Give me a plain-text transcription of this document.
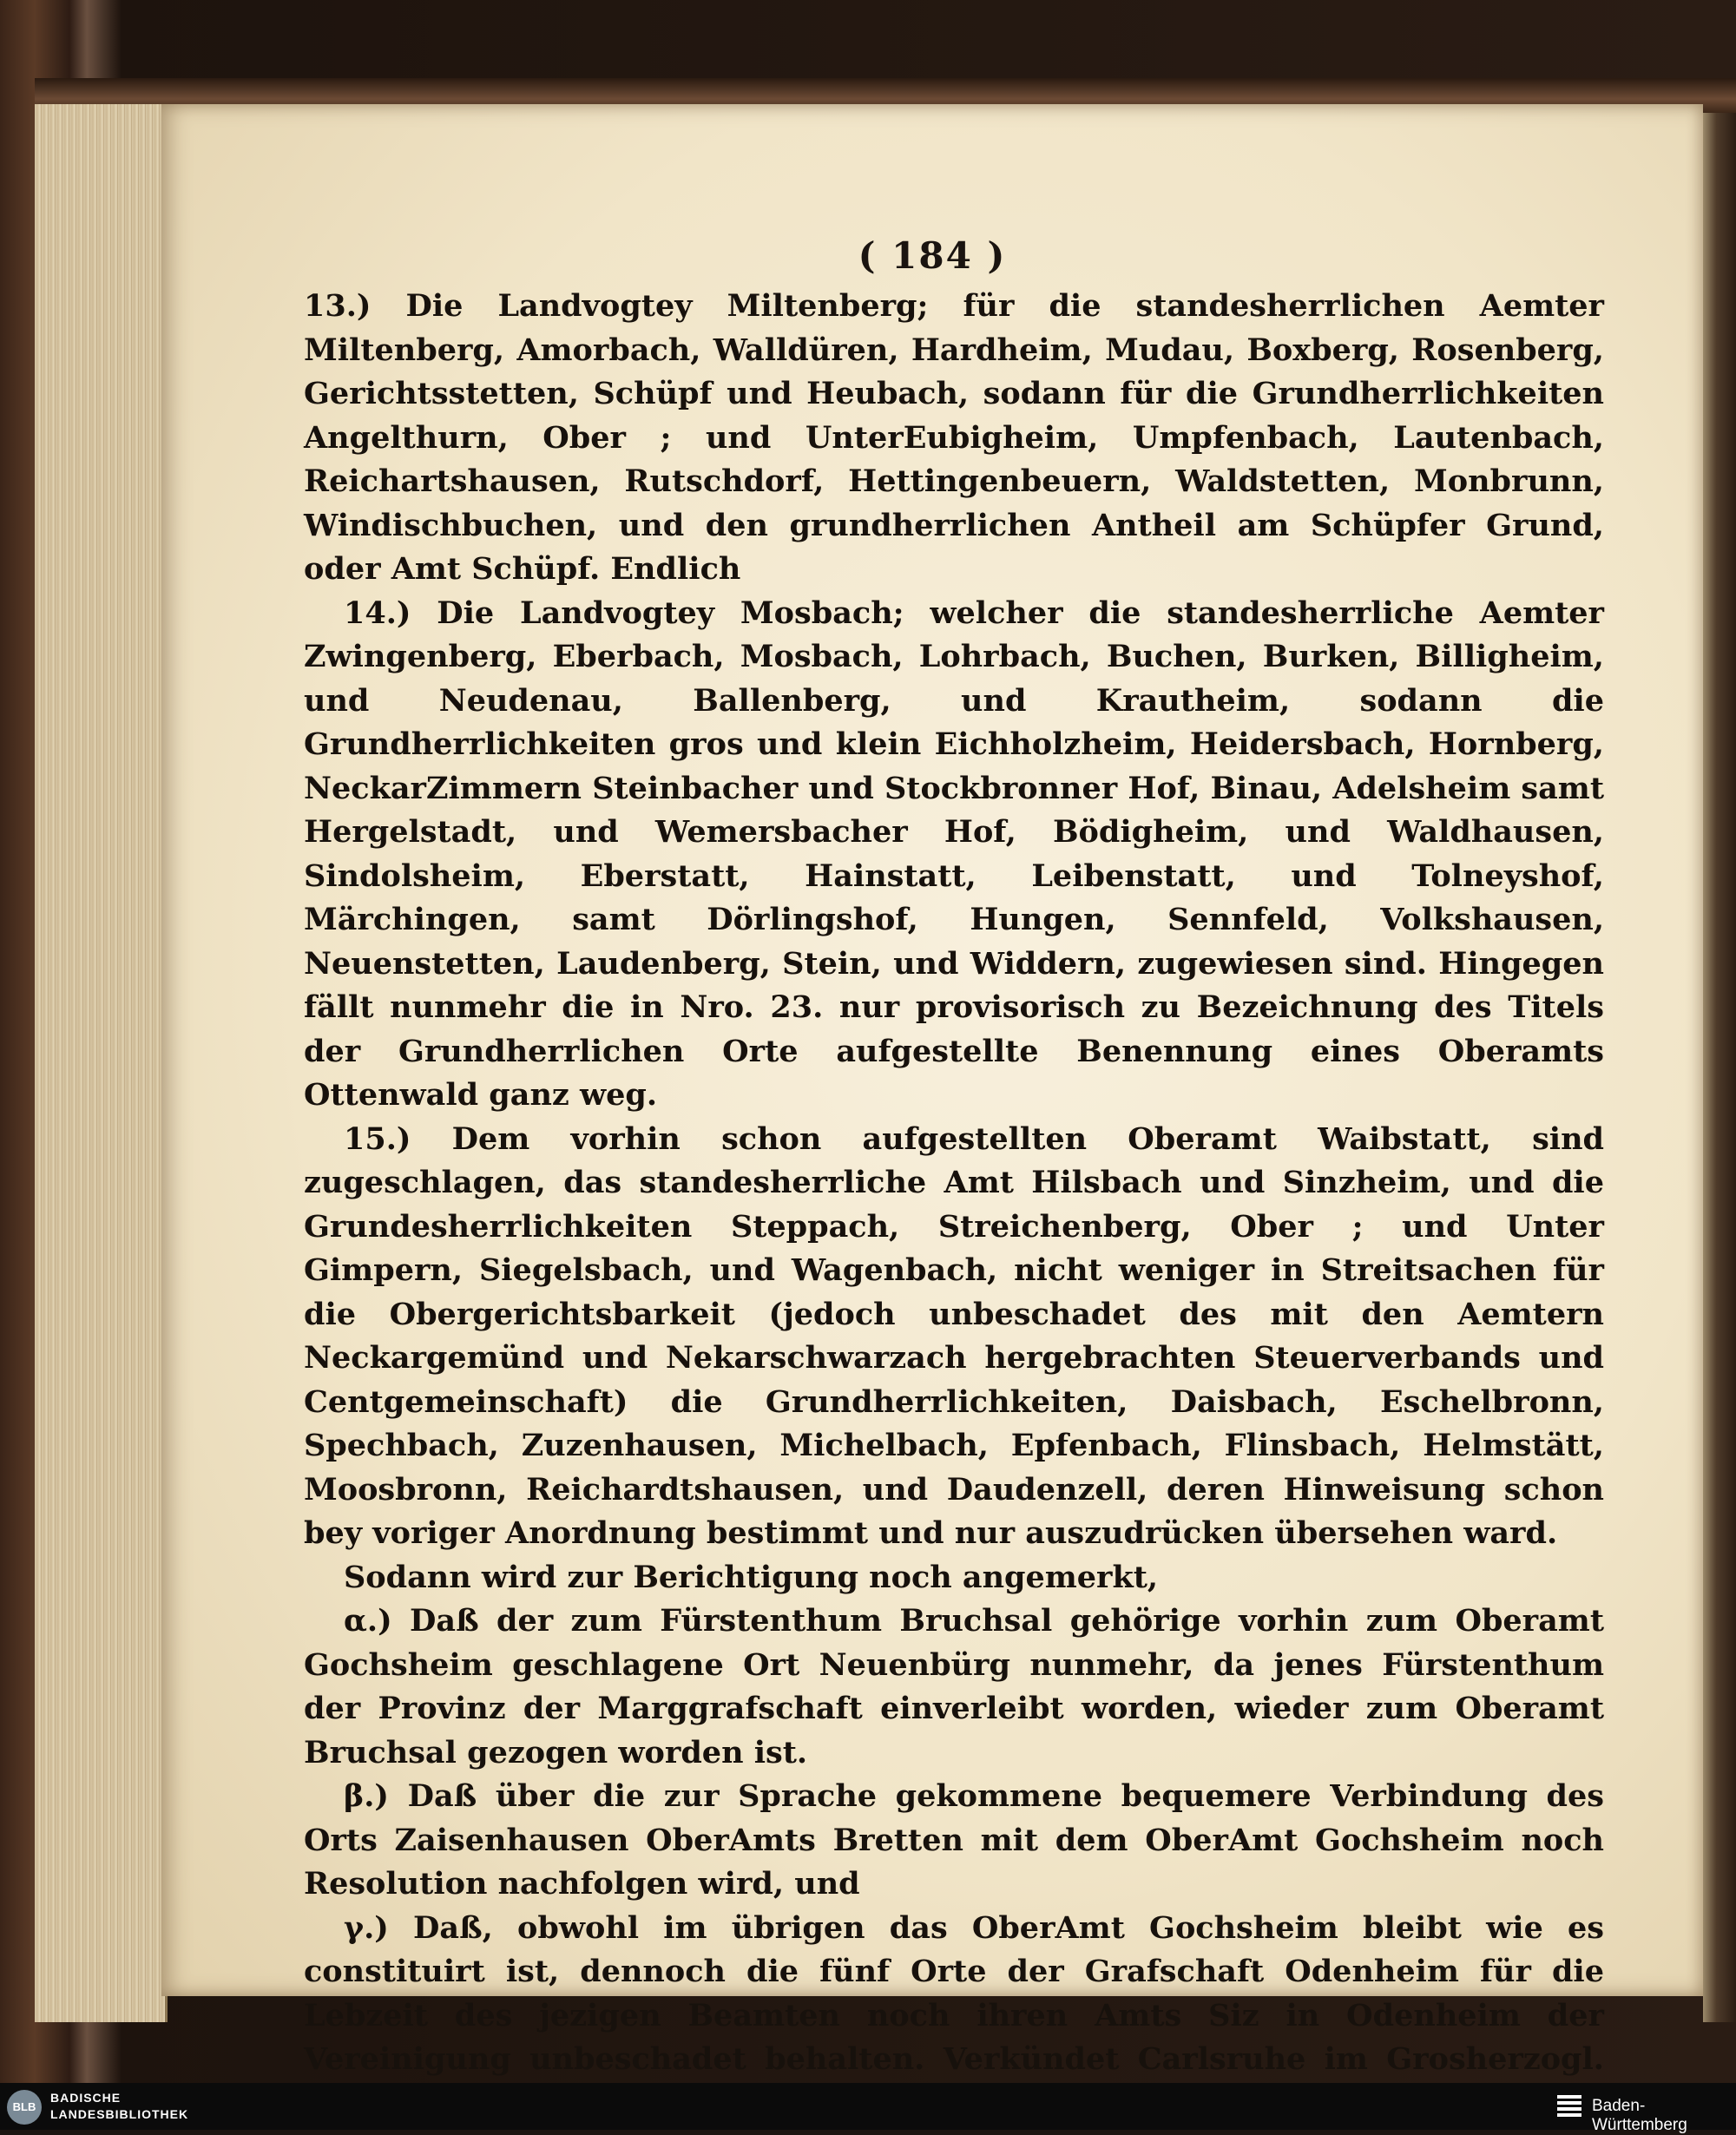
( 184 )

13.) Die Landvogtey Miltenberg; für die standesherrlichen Aemter Miltenberg, Amorbach, Walldüren, Hardheim, Mudau, Boxberg, Rosenberg, Gerichtsstetten, Schüpf und Heubach, sodann für die Grundherrlichkeiten Angelthurn, Ober ; und UnterEubigheim, Umpfenbach, Lautenbach, Reichartshausen, Rutschdorf, Hettingenbeuern, Waldstetten, Monbrunn, Windischbuchen, und den grundherrlichen Antheil am Schüpfer Grund, oder Amt Schüpf. Endlich

14.) Die Landvogtey Mosbach; welcher die standesherrliche Aemter Zwingenberg, Eberbach, Mosbach, Lohrbach, Buchen, Burken, Billigheim, und Neudenau, Ballenberg, und Krautheim, sodann die Grundherrlichkeiten gros und klein Eichholzheim, Heidersbach, Hornberg, NeckarZimmern Steinbacher und Stockbronner Hof, Binau, Adelsheim samt Hergelstadt, und Wemersbacher Hof, Bödigheim, und Waldhausen, Sindolsheim, Eberstatt, Hainstatt, Leibenstatt, und Tolneyshof, Märchingen, samt Dörlingshof, Hungen, Sennfeld, Volkshausen, Neuenstetten, Laudenberg, Stein, und Widdern, zugewiesen sind. Hingegen fällt nunmehr die in Nro. 23. nur provisorisch zu Bezeichnung des Titels der Grundherrlichen Orte aufgestellte Benennung eines Oberamts Ottenwald ganz weg.

15.) Dem vorhin schon aufgestellten Oberamt Waibstatt, sind zugeschlagen, das standesherrliche Amt Hilsbach und Sinzheim, und die Grundesherrlichkeiten Steppach, Streichenberg, Ober ; und Unter Gimpern, Siegelsbach, und Wagenbach, nicht weniger in Streitsachen für die Obergerichtsbarkeit (jedoch unbeschadet des mit den Aemtern Neckargemünd und Nekarschwarzach hergebrachten Steuerverbands und Centgemeinschaft) die Grundherrlichkeiten, Daisbach, Eschelbronn, Spechbach, Zuzenhausen, Michelbach, Epfenbach, Flinsbach, Helmstätt, Moosbronn, Reichardtshausen, und Daudenzell, deren Hinweisung schon bey voriger Anordnung bestimmt und nur auszudrücken übersehen ward.

Sodann wird zur Berichtigung noch angemerkt,

α.) Daß der zum Fürstenthum Bruchsal gehörige vorhin zum Oberamt Gochsheim geschlagene Ort Neuenbürg nunmehr, da jenes Fürstenthum der Provinz der Marggrafschaft einverleibt worden, wieder zum Oberamt Bruchsal gezogen worden ist.

β.) Daß über die zur Sprache gekommene bequemere Verbindung des Orts Zaisenhausen OberAmts Bretten mit dem OberAmt Gochsheim noch Resolution nachfolgen wird, und

γ.) Daß, obwohl im übrigen das OberAmt Gochsheim bleibt wie es constituirt ist, dennoch die fünf Orte der Grafschaft Odenheim für die Lebzeit des jezigen Beamten noch ihren Amts Siz in Odenheim der Vereinigung unbeschadet behalten. Verkündet Carlsruhe im Grosherzogl.

BLB
BADISCHE
LANDESBIBLIOTHEK	Baden-Württemberg
